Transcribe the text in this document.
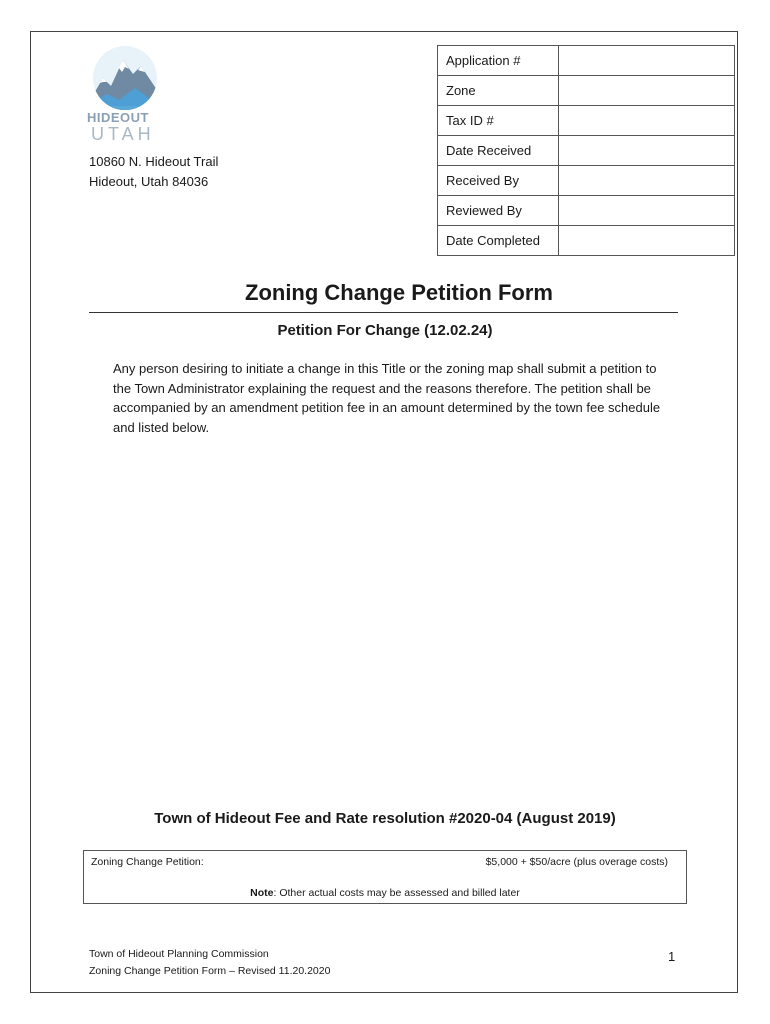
HIDEOUT
UTAH
10860 N. Hideout Trail
Hideout, Utah 84036
Application #	
Zone	
Tax ID #	
Date Received	
Received By	
Reviewed By	
Date Completed	
Zoning Change Petition Form
Petition For Change (12.02.24)
Any person desiring to initiate a change in this Title or the zoning map shall submit a petition to the Town Administrator explaining the request and the reasons therefore. The petition shall be accompanied by an amendment petition fee in an amount determined by the town fee schedule and listed below.
Town of Hideout Fee and Rate resolution #2020-04 (August 2019)
Zoning Change Petition:	$5,000 + $50/acre (plus overage costs)
Note: Other actual costs may be assessed and billed later
Town of Hideout Planning Commission
Zoning Change Petition Form – Revised 11.20.2020
1
